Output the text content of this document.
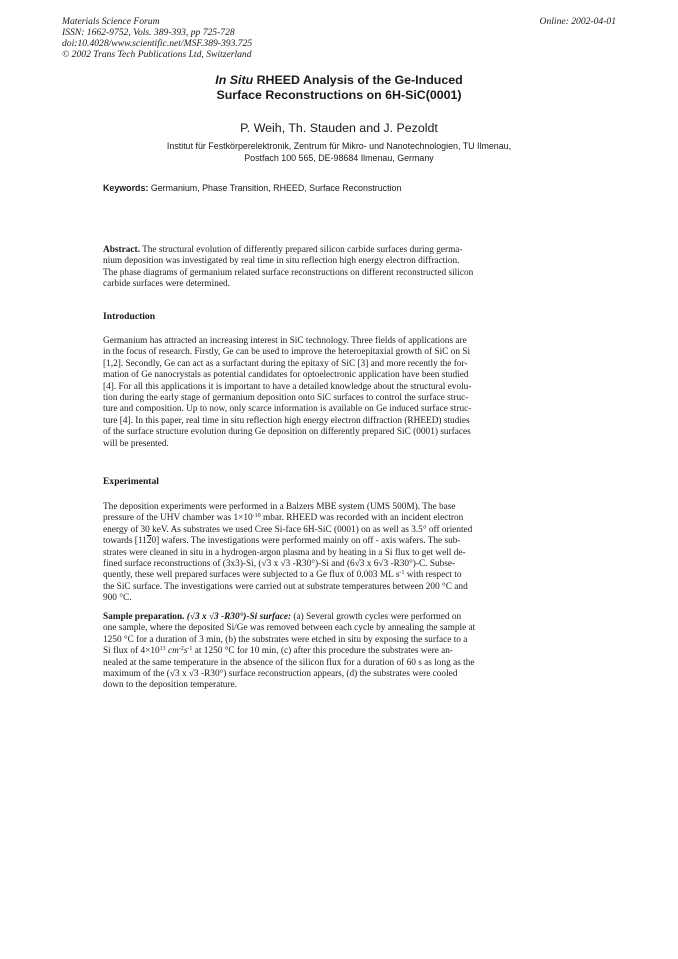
Materials Science Forum
ISSN: 1662-9752, Vols. 389-393, pp 725-728
doi:10.4028/www.scientific.net/MSF.389-393.725
© 2002 Trans Tech Publications Ltd, Switzerland
Online: 2002-04-01
In Situ RHEED Analysis of the Ge-Induced
Surface Reconstructions on 6H-SiC(0001)
P. Weih, Th. Stauden and J. Pezoldt
Institut für Festkörperelektronik, Zentrum für Mikro- und Nanotechnologien, TU Ilmenau,
Postfach 100 565, DE-98684 Ilmenau, Germany
Keywords: Germanium, Phase Transition, RHEED, Surface Reconstruction
Abstract. The structural evolution of differently prepared silicon carbide surfaces during germa-
nium deposition was investigated by real time in situ reflection high energy electron diffraction.
The phase diagrams of germanium related surface reconstructions on different reconstructed silicon
carbide surfaces were determined.
Introduction
Germanium has attracted an increasing interest in SiC technology. Three fields of applications are
in the focus of research. Firstly, Ge can be used to improve the heteroepitaxial growth of SiC on Si
[1,2]. Secondly, Ge can act as a surfactant during the epitaxy of SiC [3] and more recently the for-
mation of Ge nanocrystals as potential candidates for optoelectronic application have been studied
[4]. For all this applications it is important to have a detailed knowledge about the structural evolu-
tion during the early stage of germanium deposition onto SiC surfaces to control the surface struc-
ture and composition. Up to now, only scarce information is available on Ge induced surface struc-
ture [4]. In this paper, real time in situ reflection high energy electron diffraction (RHEED) studies
of the surface structure evolution during Ge deposition on differently prepared SiC (0001) surfaces
will be presented.
Experimental
The deposition experiments were performed in a Balzers MBE system (UMS 500M). The base
pressure of the UHV chamber was $1\times 10^{-10}$ mbar. RHEED was recorded with an incident electron
energy of 30 keV. As substrates we used Cree Si-face 6H-SiC (0001) on as well as 3.5° off oriented
towards [1120] wafers. The investigations were performed mainly on off - axis wafers. The sub-
strates were cleaned in situ in a hydrogen-argon plasma and by heating in a Si flux to get well de-
fined surface reconstructions of (3x3)-Si, (√3 x √3 -R30°)-Si and (6√3 x 6√3 -R30°)-C. Subse-
quently, these well prepared surfaces were subjected to a Ge flux of 0.003 ML $s^{-1}$ with respect to
the SiC surface. The investigations were carried out at substrate temperatures between 200 °C and
900 °C.
Sample preparation. (√3 x √3 -R30°)-Si surface: (a) Several growth cycles were performed on
one sample, where the deposited Si/Ge was removed between each cycle by annealing the sample at
1250 °C for a duration of 3 min, (b) the substrates were etched in situ by exposing the surface to a
Si flux of $4\times 10^{13}$ $cm^{-2}s^{-1}$ at 1250 °C for 10 min, (c) after this procedure the substrates were an-
nealed at the same temperature in the absence of the silicon flux for a duration of 60 s as long as the
maximum of the (√3 x √3 -R30°) surface reconstruction appears, (d) the substrates were cooled
down to the deposition temperature.
